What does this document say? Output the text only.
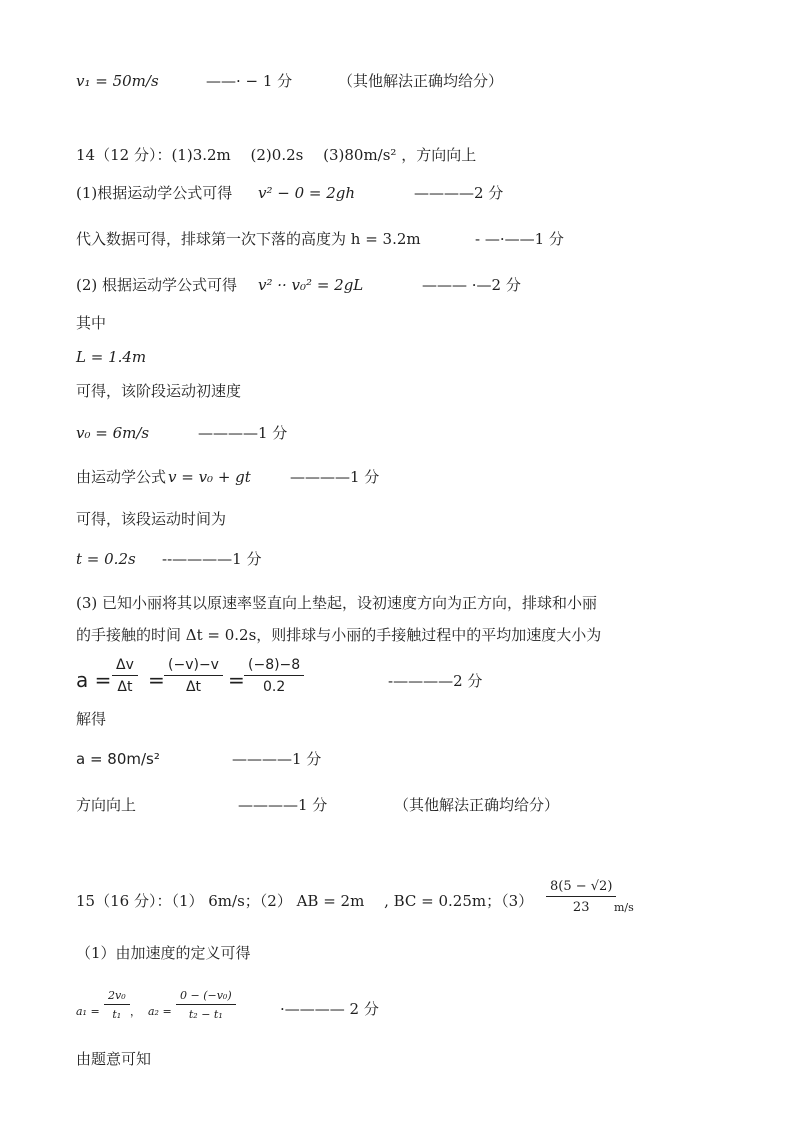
v₁ = 50m/s	——· − 1 分	（其他解法正确均给分）
14（12 分）：(1)3.2m　 (2)0.2s 　(3)80m/s² ，方向向上
(1)根据运动学公式可得 v² − 0 = 2gh	————2 分
代入数据可得，排球第一次下落的高度为 h = 3.2m	- —·——1 分
(2) 根据运动学公式可得 v² ·· v₀² = 2gL	——— ·—2 分
其中
L = 1.4m
可得，该阶段运动初速度
v₀ = 6m/s	————1 分
由运动学公式 v = v₀ + gt	————1 分
可得，该段运动时间为
t = 0.2s --————1 分
(3) 已知小丽将其以原速率竖直向上垫起，设初速度方向为正方向，排球和小丽
的手接触的时间 Δt = 0.2s，则排球与小丽的手接触过程中的平均加速度大小为
$a = \frac{\Delta v}{\Delta t} = \frac{(-v)-v}{\Delta t} = \frac{(-8)-8}{0.2}$	-————2 分
解得
a = 80m/s²	————1 分
方向向上	————1 分	（其他解法正确均给分）
15（16 分）：（1） 6m/s；（2） AB = 2m　 , BC = 0.25m；$(3) \frac{8(5 - √2)}{23}$
m/s
（1）由加速度的定义可得
$a_1 = \frac{\text{2v₀}}{\text{t₁}}$ ， $a_2 = \frac{\text{0 − (−v₀)}}{\text{t₂ − t₁}}$	·———— 2 分
由题意可知
